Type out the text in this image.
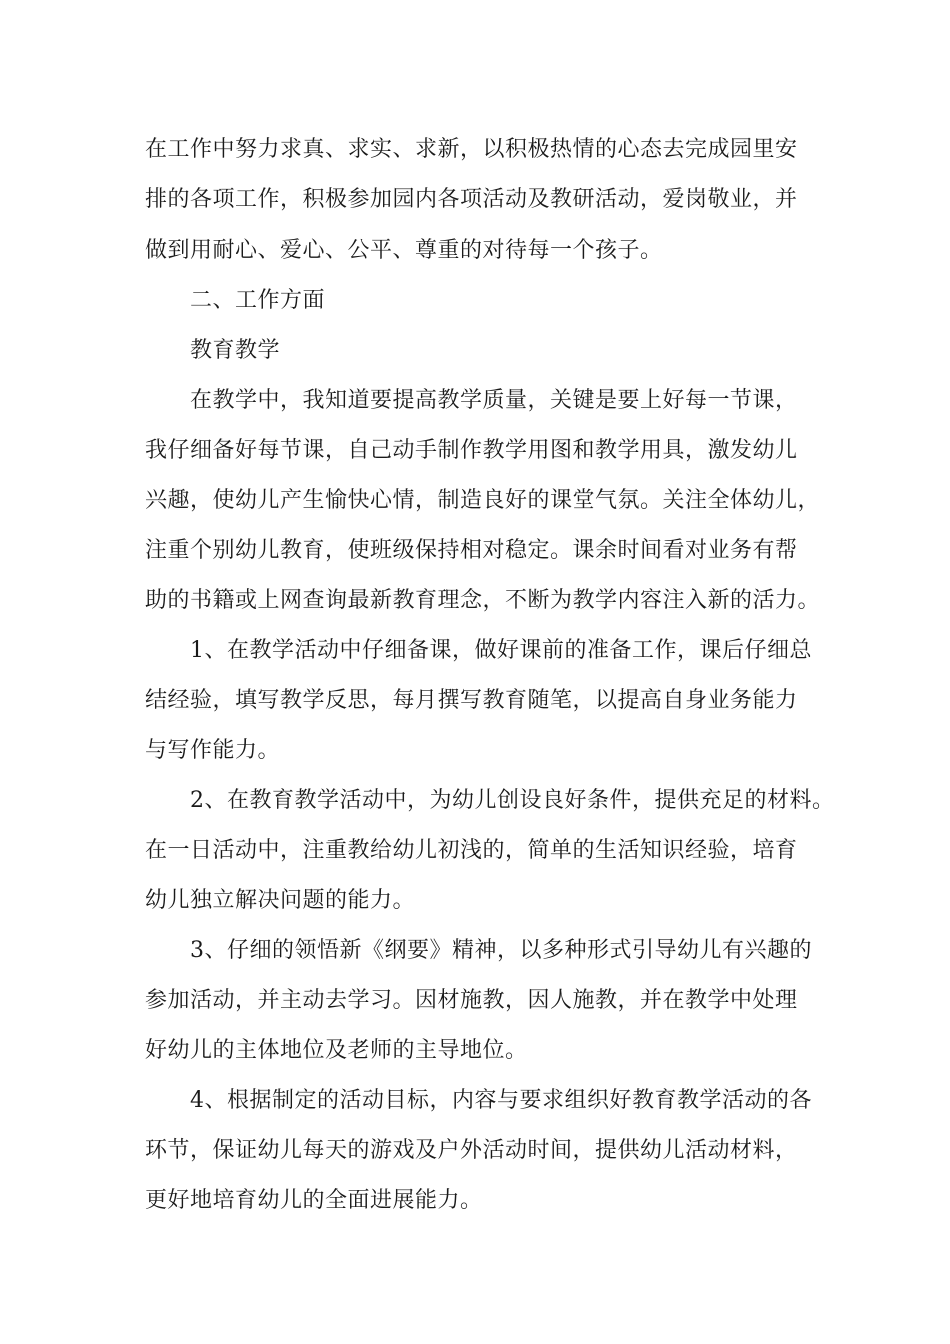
在工作中努力求真、求实、求新，以积极热情的心态去完成园里安
排的各项工作，积极参加园内各项活动及教研活动，爱岗敬业，并
做到用耐心、爱心、公平、尊重的对待每一个孩子。
二、工作方面
教育教学
在教学中，我知道要提高教学质量，关键是要上好每一节课，
我仔细备好每节课，自己动手制作教学用图和教学用具，激发幼儿
兴趣，使幼儿产生愉快心情，制造良好的课堂气氛。关注全体幼儿，
注重个别幼儿教育，使班级保持相对稳定。课余时间看对业务有帮
助的书籍或上网查询最新教育理念，不断为教学内容注入新的活力。
1、在教学活动中仔细备课，做好课前的准备工作，课后仔细总
结经验，填写教学反思，每月撰写教育随笔，以提高自身业务能力
与写作能力。
2、在教育教学活动中，为幼儿创设良好条件，提供充足的材料。
在一日活动中，注重教给幼儿初浅的，简单的生活知识经验，培育
幼儿独立解决问题的能力。
3、仔细的领悟新《纲要》精神，以多种形式引导幼儿有兴趣的
参加活动，并主动去学习。因材施教，因人施教，并在教学中处理
好幼儿的主体地位及老师的主导地位。
4、根据制定的活动目标，内容与要求组织好教育教学活动的各
环节，保证幼儿每天的游戏及户外活动时间，提供幼儿活动材料，
更好地培育幼儿的全面进展能力。
